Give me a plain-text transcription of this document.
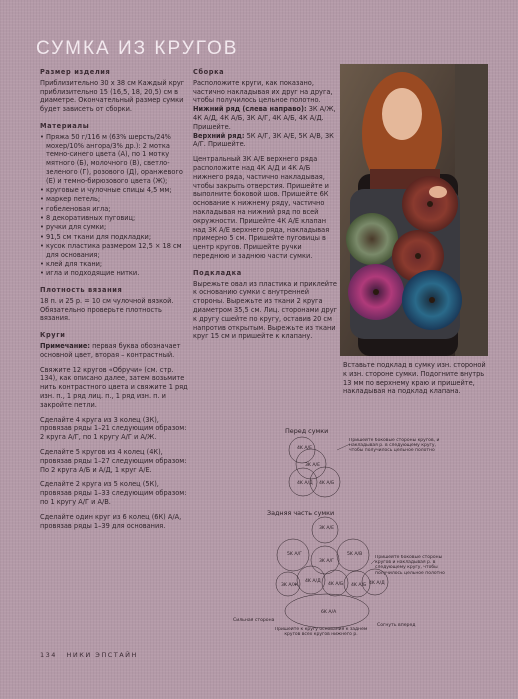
СУМКА ИЗ КРУГОВ
Размер изделия

Приблизительно 30 х 38 см Каждый круг приблизительно 15 (16,5, 18, 20,5) см в диаметре. Окончательный размер сумки будет зависеть от сборки.

Материалы
• Пряжа 50 г/116 м (63% шерсть/24% мохер/10% ангора/3% др.): 2 мотка темно-синего цвета (А), по 1 мотку мятного (Б), молочного (В), светло-зеленого (Г), розового (Д), оранжевого (Е) и темно-бирюзового цвета (Ж);
• круговые и чулочные спицы 4,5 мм;
• маркер петель;
• гобеленовая игла;
• 8 декоративных пуговиц;
• ручки для сумки;
• 91,5 см ткани для подкладки;
• кусок пластика размером 12,5 × 18 см для основания;
• клей для ткани;
• игла и подходящие нитки.
Плотность вязания

18 п. и 25 р. = 10 см чулочной вязкой. Обязательно проверьте плотность вязания.

Круги

Примечание: первая буква обозначает основной цвет, вторая – контрастный.

Свяжите 12 кругов «Обручи» (см. стр. 134), как описано далее, затем возьмите нить контрастного цвета и свяжите 1 ряд изн. п., 1 ряд лиц. п., 1 ряд изн. п. и закройте петли.

Сделайте 4 круга из 3 колец (3К), провязав ряды 1–21 следующим образом: 2 круга А/Г, по 1 кругу А/Г и А/Ж.

Сделайте 5 кругов из 4 колец (4К), провязав ряды 1–27 следующим образом: По 2 круга А/Б и А/Д, 1 круг А/Е.

Сделайте 2 круга из 5 колец (5К), провязав ряды 1–33 следующим образом: по 1 кругу А/Г и А/В.

Сделайте один круг из 6 колец (6К) А/А, провязав ряды 1–39 для основания.

Сборка

Расположите круги, как показано, частично накладывая их друг на друга, чтобы получилось цельное полотно.

Нижний ряд (слева направо): 3К А/Ж, 4К А/Д, 4К А/Б, 3К А/Г, 4К А/Б, 4К А/Д. Пришейте.

Верхний ряд: 5К А/Г, 3К А/Е, 5К А/В, 3К А/Г. Пришейте.

Центральный 3К А/Е верхнего ряда расположите над 4К А/Д и 4К А/Б нижнего ряда, частично накладывая, чтобы закрыть отверстия. Пришейте и выполните боковой шов. Пришейте 6К основание к нижнему ряду, частично накладывая на нижний ряд по всей окружности. Пришейте 4К А/Е клапан над 3К А/Е верхнего ряда, накладывая примерно 5 см. Пришейте пуговицы в центр кругов. Пришейте ручки переднюю и заднюю части сумки.

Подкладка

Вырежьте овал из пластика и приклейте к основанию сумки с внутренней стороны. Вырежьте из ткани 2 круга диаметром 35,5 см. Лиц. сторонами друг к другу сшейте по кругу, оставив 20 см напротив открытым. Вырежьте из ткани круг 15 см и пришейте к клапану.

Вставьте подклад в сумку изн. стороной к изн. стороне сумки. Подогните внутрь 13 мм по верхнему краю и пришейте, накладывая на подклад клапана.

Перед сумки
4K А/Е
3K А/Е
4K А/Д 4K А/Б
Пришейте боковые стороны кругов, и накладывая р. в следующему кругу, чтобы получилось цельное полотно
Задняя часть сумки
3K А/Е
5K А/Г	5K А/В
3K А/Ж
4K А/Д
4K А/Б
3K А/Г
4K А/Б 4K А/Д
6K А/А
Пришейте боковые стороны кругов и накладывая р. в следующему кругу, чтобы получилось цельное полотно
Сильная сторона
Согнуть вперед
Пришейте к кругу основания к заднем кругов всех кругов нижнего р.
134 НИКИ ЭПСТАЙН
